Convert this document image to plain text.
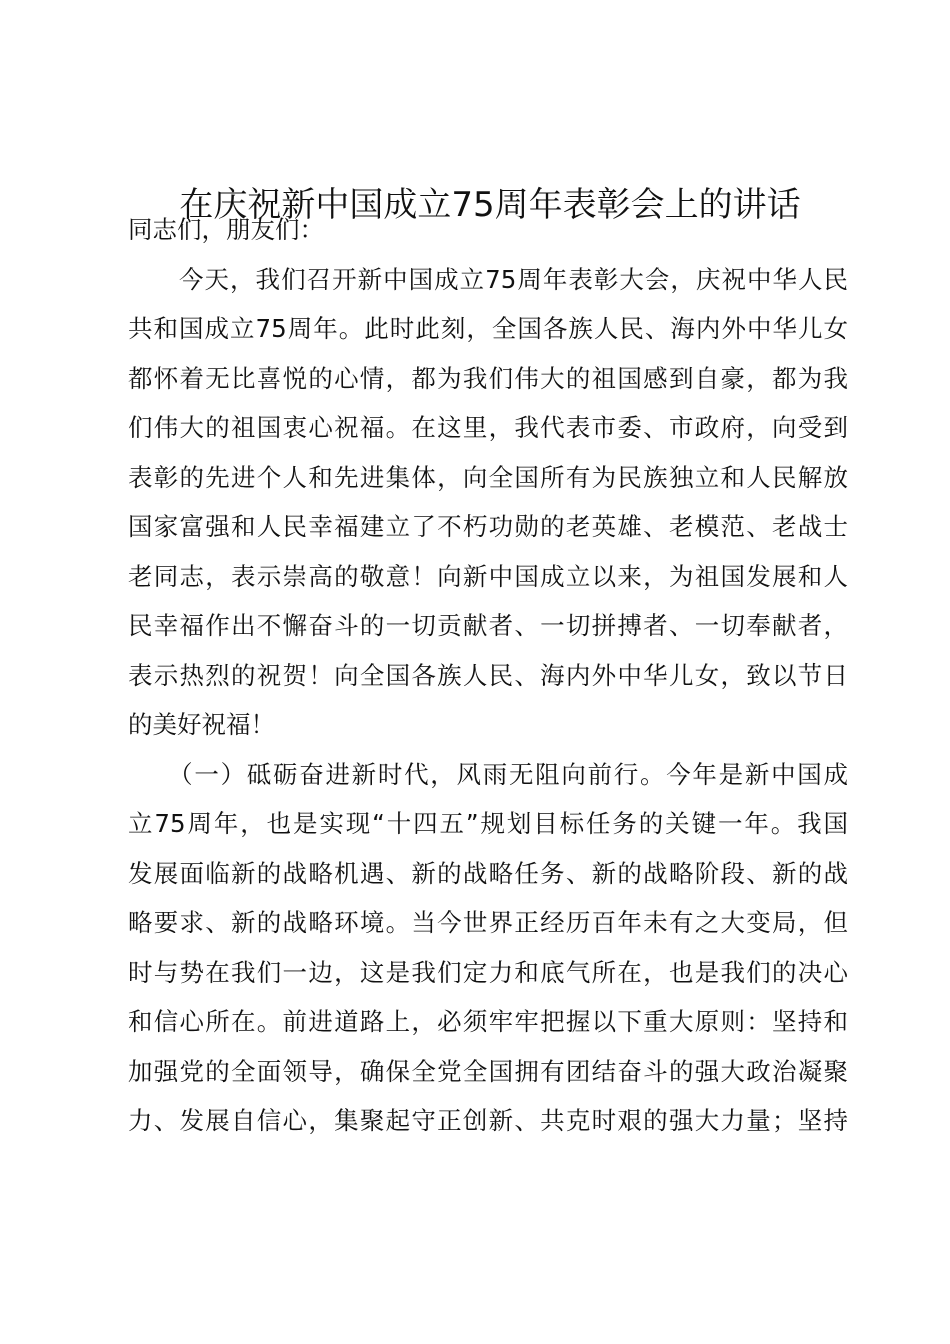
在庆祝新中国成立75周年表彰会上的讲话
同志们，朋友们：
　　今天，我们召开新中国成立75周年表彰大会，庆祝中华人民
共和国成立75周年。此时此刻，全国各族人民、海内外中华儿女
都怀着无比喜悦的心情，都为我们伟大的祖国感到自豪，都为我
们伟大的祖国衷心祝福。在这里，我代表市委、市政府，向受到
表彰的先进个人和先进集体，向全国所有为民族独立和人民解放
国家富强和人民幸福建立了不朽功勋的老英雄、老模范、老战士
老同志，表示崇高的敬意！向新中国成立以来，为祖国发展和人
民幸福作出不懈奋斗的一切贡献者、一切拼搏者、一切奉献者，
表示热烈的祝贺！向全国各族人民、海内外中华儿女，致以节日
的美好祝福！
　　（一）砥砺奋进新时代，风雨无阻向前行。今年是新中国成
立75周年，也是实现“十四五”规划目标任务的关键一年。我国
发展面临新的战略机遇、新的战略任务、新的战略阶段、新的战
略要求、新的战略环境。当今世界正经历百年未有之大变局，但
时与势在我们一边，这是我们定力和底气所在，也是我们的决心
和信心所在。前进道路上，必须牢牢把握以下重大原则：坚持和
加强党的全面领导，确保全党全国拥有团结奋斗的强大政治凝聚
力、发展自信心，集聚起守正创新、共克时艰的强大力量；坚持
